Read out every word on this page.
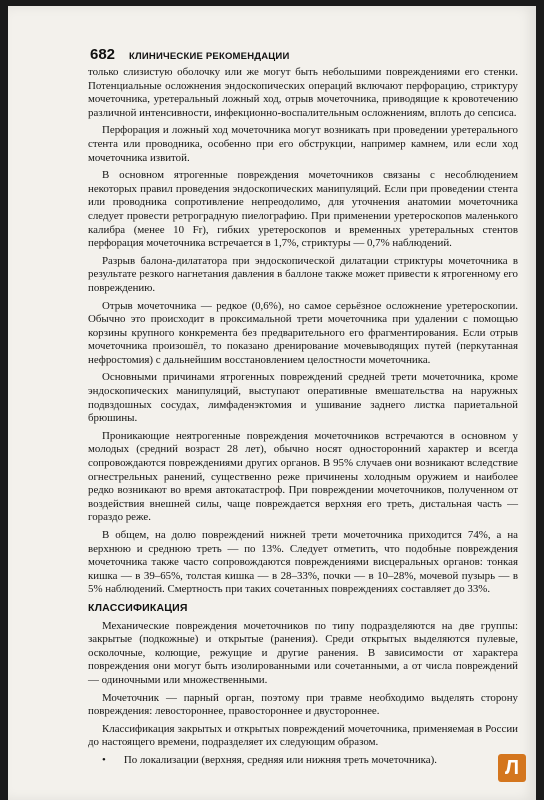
682 КЛИНИЧЕСКИЕ РЕКОМЕНДАЦИИ

только слизистую оболочку или же могут быть небольшими повреждениями его стенки. Потенциальные осложнения эндоскопических операций включают перфорацию, стриктуру мочеточника, уретеральный ложный ход, отрыв мочеточника, приводящие к кровотечению различной интенсивности, инфекционно-воспалительным осложнениям, вплоть до сепсиса.

Перфорация и ложный ход мочеточника могут возникать при проведении уретерального стента или проводника, особенно при его обструкции, например камнем, или если ход мочеточника извитой.

В основном ятрогенные повреждения мочеточников связаны с несоблюдением некоторых правил проведения эндоскопических манипуляций. Если при проведении стента или проводника сопротивление непреодолимо, для уточнения анатомии мочеточника следует провести ретроградную пиелографию. При применении уретероскопов маленького калибра (менее 10 Fr), гибких уретероскопов и временных уретеральных стентов перфорация мочеточника встречается в 1,7%, стриктуры — 0,7% наблюдений.

Разрыв балона-дилататора при эндоскопической дилатации стриктуры мочеточника в результате резкого нагнетания давления в баллоне также может привести к ятрогенному его повреждению.

Отрыв мочеточника — редкое (0,6%), но самое серьёзное осложнение уретероскопии. Обычно это происходит в проксимальной трети мочеточника при удалении с помощью корзины крупного конкремента без предварительного его фрагментирования. Если отрыв мочеточника произошёл, то показано дренирование мочевыводящих путей (перкутанная нефростомия) с дальнейшим восстановлением целостности мочеточника.

Основными причинами ятрогенных повреждений средней трети мочеточника, кроме эндоскопических манипуляций, выступают оперативные вмешательства на наружных подвздошных сосудах, лимфаденэктомия и ушивание заднего листка париетальной брюшины.

Проникающие неятрогенные повреждения мочеточников встречаются в основном у молодых (средний возраст 28 лет), обычно носят односторонний характер и всегда сопровождаются повреждениями других органов. В 95% случаев они возникают вследствие огнестрельных ранений, существенно реже причинены холодным оружием и наиболее редко возникают во время автокатастроф. При повреждении мочеточников, полученном от воздействия внешней силы, чаще повреждается верхняя его треть, дистальная часть — гораздо реже.

В общем, на долю повреждений нижней трети мочеточника приходится 74%, а на верхнюю и среднюю треть — по 13%. Следует отметить, что подобные повреждения мочеточника также часто сопровождаются повреждениями висцеральных органов: тонкая кишка — в 39–65%, толстая кишка — в 28–33%, почки — в 10–28%, мочевой пузырь — в 5% наблюдений. Смертность при таких сочетанных повреждениях составляет до 33%.

КЛАССИФИКАЦИЯ

Механические повреждения мочеточников по типу подразделяются на две группы: закрытые (подкожные) и открытые (ранения). Среди открытых выделяются пулевые, осколочные, колющие, режущие и другие ранения. В зависимости от характера повреждения они могут быть изолированными или сочетанными, а от числа повреждений — одиночными или множественными.

Мочеточник — парный орган, поэтому при травме необходимо выделять сторону повреждения: левостороннее, правостороннее и двустороннее.

Классификация закрытых и открытых повреждений мочеточника, применяемая в России до настоящего времени, подразделяет их следующим образом.

•	По локализации (верхняя, средняя или нижняя треть мочеточника).	Л
